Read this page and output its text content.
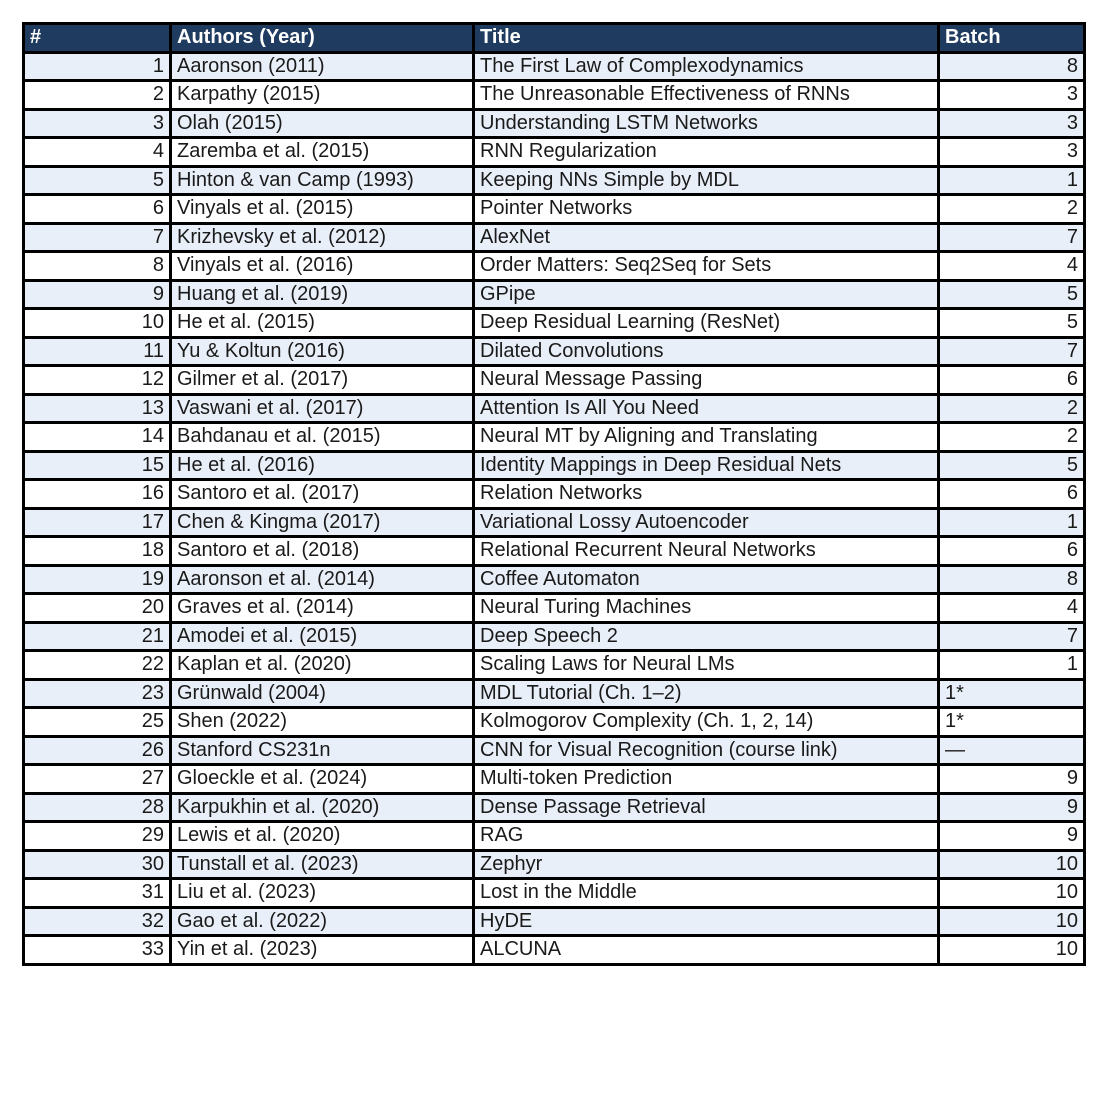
#	Authors (Year)	Title	Batch
1	Aaronson (2011)	The First Law of Complexodynamics	8
2	Karpathy (2015)	The Unreasonable Effectiveness of RNNs	3
3	Olah (2015)	Understanding LSTM Networks	3
4	Zaremba et al. (2015)	RNN Regularization	3
5	Hinton & van Camp (1993)	Keeping NNs Simple by MDL	1
6	Vinyals et al. (2015)	Pointer Networks	2
7	Krizhevsky et al. (2012)	AlexNet	7
8	Vinyals et al. (2016)	Order Matters: Seq2Seq for Sets	4
9	Huang et al. (2019)	GPipe	5
10	He et al. (2015)	Deep Residual Learning (ResNet)	5
11	Yu & Koltun (2016)	Dilated Convolutions	7
12	Gilmer et al. (2017)	Neural Message Passing	6
13	Vaswani et al. (2017)	Attention Is All You Need	2
14	Bahdanau et al. (2015)	Neural MT by Aligning and Translating	2
15	He et al. (2016)	Identity Mappings in Deep Residual Nets	5
16	Santoro et al. (2017)	Relation Networks	6
17	Chen & Kingma (2017)	Variational Lossy Autoencoder	1
18	Santoro et al. (2018)	Relational Recurrent Neural Networks	6
19	Aaronson et al. (2014)	Coffee Automaton	8
20	Graves et al. (2014)	Neural Turing Machines	4
21	Amodei et al. (2015)	Deep Speech 2	7
22	Kaplan et al. (2020)	Scaling Laws for Neural LMs	1
23	Grünwald (2004)	MDL Tutorial (Ch. 1–2)	1*
25	Shen (2022)	Kolmogorov Complexity (Ch. 1, 2, 14)	1*
26	Stanford CS231n	CNN for Visual Recognition (course link)	—
27	Gloeckle et al. (2024)	Multi-token Prediction	9
28	Karpukhin et al. (2020)	Dense Passage Retrieval	9
29	Lewis et al. (2020)	RAG	9
30	Tunstall et al. (2023)	Zephyr	10
31	Liu et al. (2023)	Lost in the Middle	10
32	Gao et al. (2022)	HyDE	10
33	Yin et al. (2023)	ALCUNA	10
